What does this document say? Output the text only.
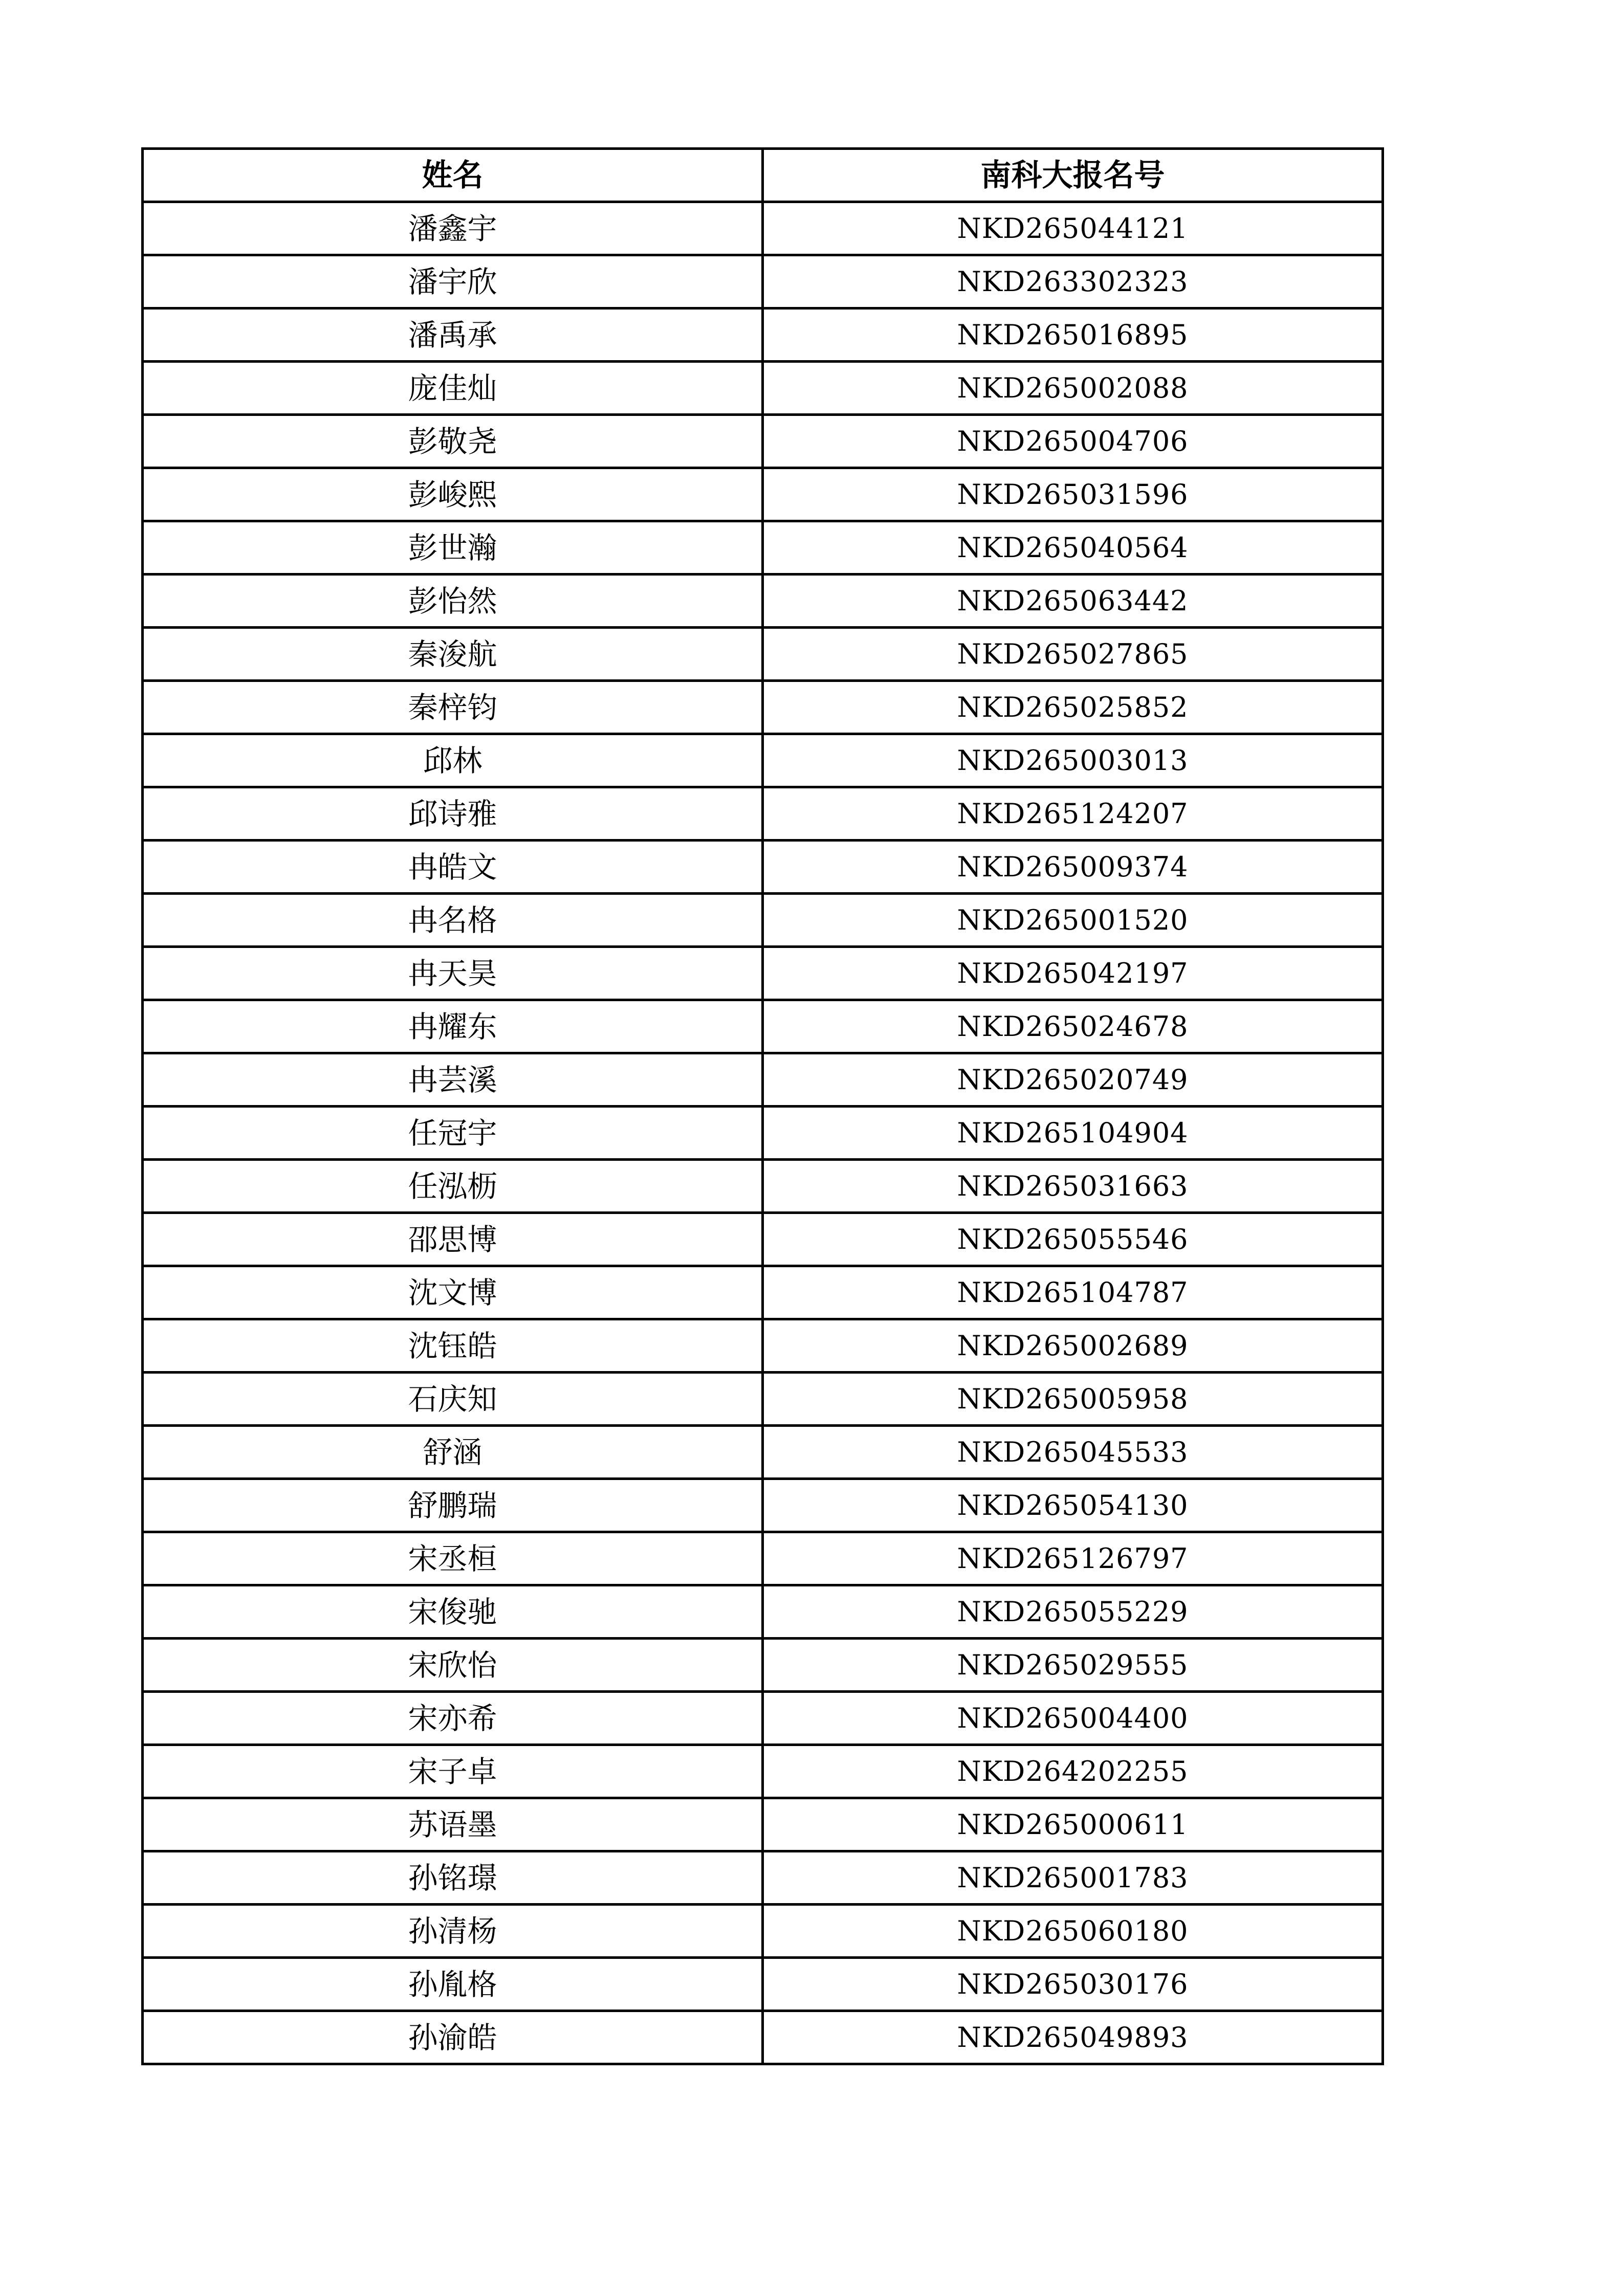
姓名	南科大报名号
潘鑫宇	NKD265044121
潘宇欣	NKD263302323
潘禹承	NKD265016895
庞佳灿	NKD265002088
彭敬尧	NKD265004706
彭峻熙	NKD265031596
彭世瀚	NKD265040564
彭怡然	NKD265063442
秦浚航	NKD265027865
秦梓钧	NKD265025852
邱林	NKD265003013
邱诗雅	NKD265124207
冉皓文	NKD265009374
冉名格	NKD265001520
冉天昊	NKD265042197
冉耀东	NKD265024678
冉芸溪	NKD265020749
任冠宇	NKD265104904
任泓枥	NKD265031663
邵思博	NKD265055546
沈文博	NKD265104787
沈钰皓	NKD265002689
石庆知	NKD265005958
舒涵	NKD265045533
舒鹏瑞	NKD265054130
宋丞桓	NKD265126797
宋俊驰	NKD265055229
宋欣怡	NKD265029555
宋亦希	NKD265004400
宋子卓	NKD264202255
苏语墨	NKD265000611
孙铭璟	NKD265001783
孙清杨	NKD265060180
孙胤格	NKD265030176
孙渝皓	NKD265049893
